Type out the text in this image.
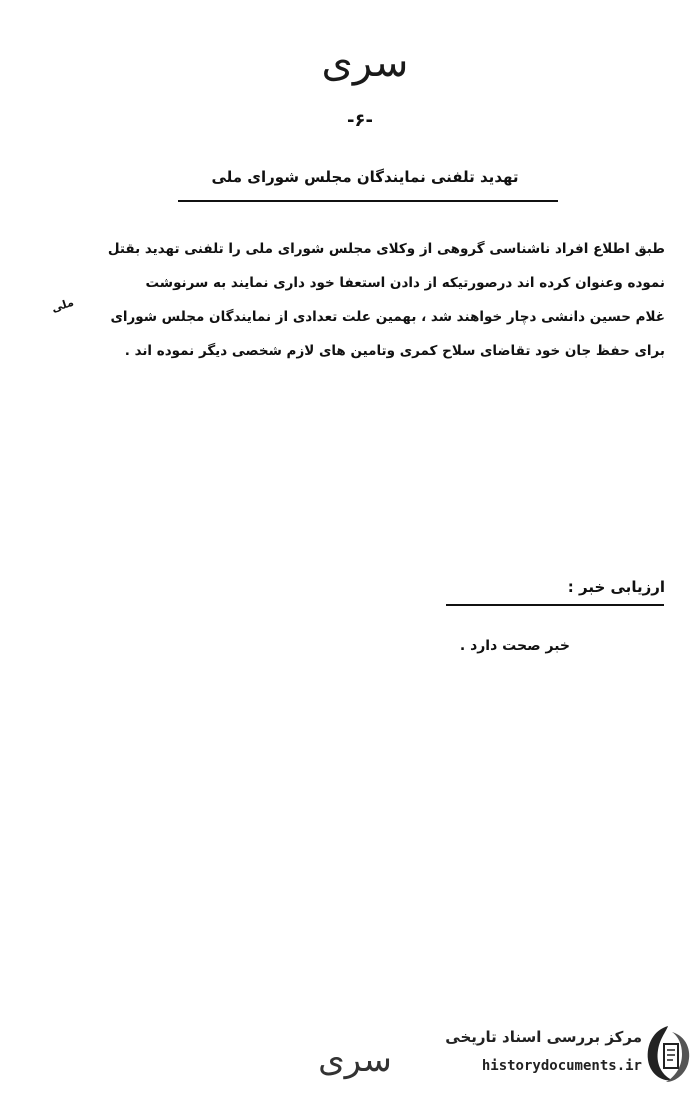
سری
-۶-
تهدید تلفنی نمایندگان مجلس شورای ملی

طبق اطلاع افراد ناشناسی گروهی از وکلای مجلس شورای ملی را تلفنی تهدید بقتل

نموده وعنوان کرده اند درصورتیکه از دادن استعفا خود داری نمایند به سرنوشت

غلام حسین دانشی دچار خواهند شد ، بهمین علت تعدادی از نمایندگان مجلس شورای

برای حفظ جان خود تقاضای سلاح کمری وتامین های لازم شخصی دیگر نموده اند .

ملی
ارزیابی خبر :
خبر صحت دارد .
سری
مرکز بررسی اسناد تاریخی
historydocuments.ir
